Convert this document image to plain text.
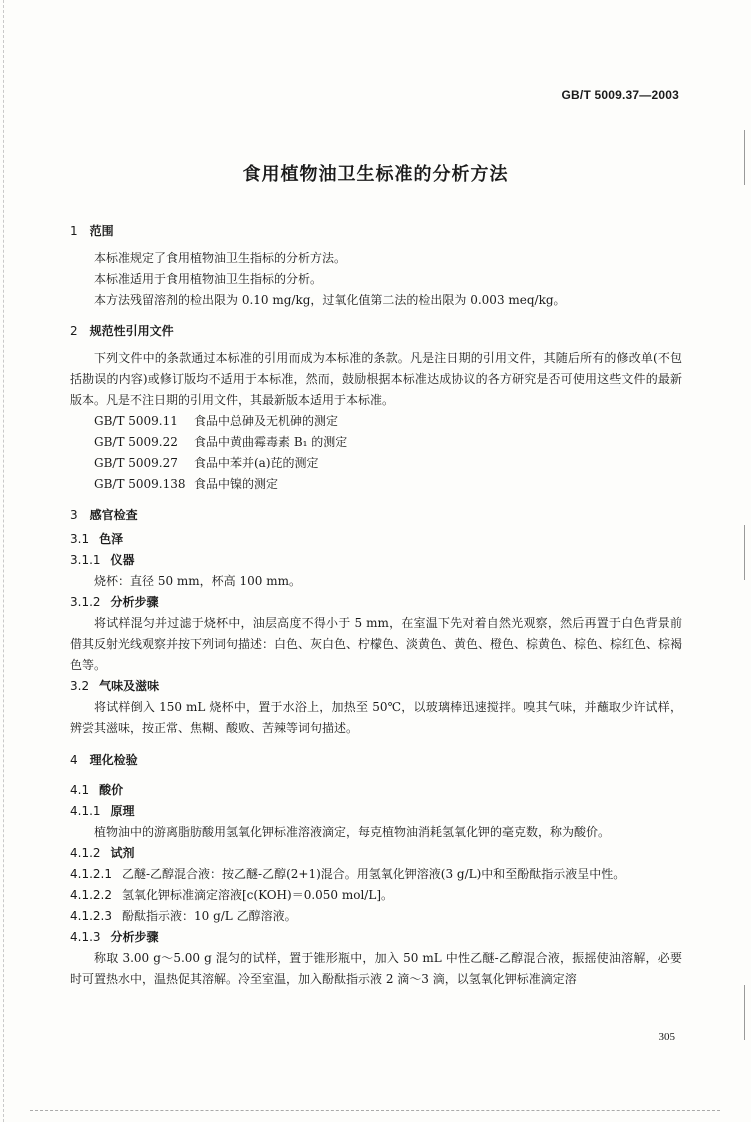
GB/T 5009.37—2003
食用植物油卫生标准的分析方法
1 范围
本标准规定了食用植物油卫生指标的分析方法。
本标准适用于食用植物油卫生指标的分析。
本方法残留溶剂的检出限为 0.10 mg/kg，过氧化值第二法的检出限为 0.003 meq/kg。
2 规范性引用文件
下列文件中的条款通过本标准的引用而成为本标准的条款。凡是注日期的引用文件，其随后所有的修改单(不包括勘误的内容)或修订版均不适用于本标准，然而，鼓励根据本标准达成协议的各方研究是否可使用这些文件的最新版本。凡是不注日期的引用文件，其最新版本适用于本标准。
GB/T 5009.11 食品中总砷及无机砷的测定
GB/T 5009.22 食品中黄曲霉毒素 B₁ 的测定
GB/T 5009.27 食品中苯并(a)芘的测定
GB/T 5009.138 食品中镍的测定
3 感官检查
3.1 色泽
3.1.1 仪器
烧杯：直径 50 mm，杯高 100 mm。
3.1.2 分析步骤
将试样混匀并过滤于烧杯中，油层高度不得小于 5 mm，在室温下先对着自然光观察，然后再置于白色背景前借其反射光线观察并按下列词句描述：白色、灰白色、柠檬色、淡黄色、黄色、橙色、棕黄色、棕色、棕红色、棕褐色等。
3.2 气味及滋味
将试样倒入 150 mL 烧杯中，置于水浴上，加热至 50℃，以玻璃棒迅速搅拌。嗅其气味，并蘸取少许试样，辨尝其滋味，按正常、焦糊、酸败、苦辣等词句描述。
4 理化检验
4.1 酸价
4.1.1 原理
植物油中的游离脂肪酸用氢氧化钾标准溶液滴定，每克植物油消耗氢氧化钾的毫克数，称为酸价。
4.1.2 试剂
4.1.2.1 乙醚-乙醇混合液：按乙醚-乙醇(2+1)混合。用氢氧化钾溶液(3 g/L)中和至酚酞指示液呈中性。
4.1.2.2 氢氧化钾标准滴定溶液[c(KOH)＝0.050 mol/L]。
4.1.2.3 酚酞指示液：10 g/L 乙醇溶液。
4.1.3 分析步骤
称取 3.00 g～5.00 g 混匀的试样，置于锥形瓶中，加入 50 mL 中性乙醚-乙醇混合液，振摇使油溶解，必要时可置热水中，温热促其溶解。冷至室温，加入酚酞指示液 2 滴～3 滴，以氢氧化钾标准滴定溶
305
